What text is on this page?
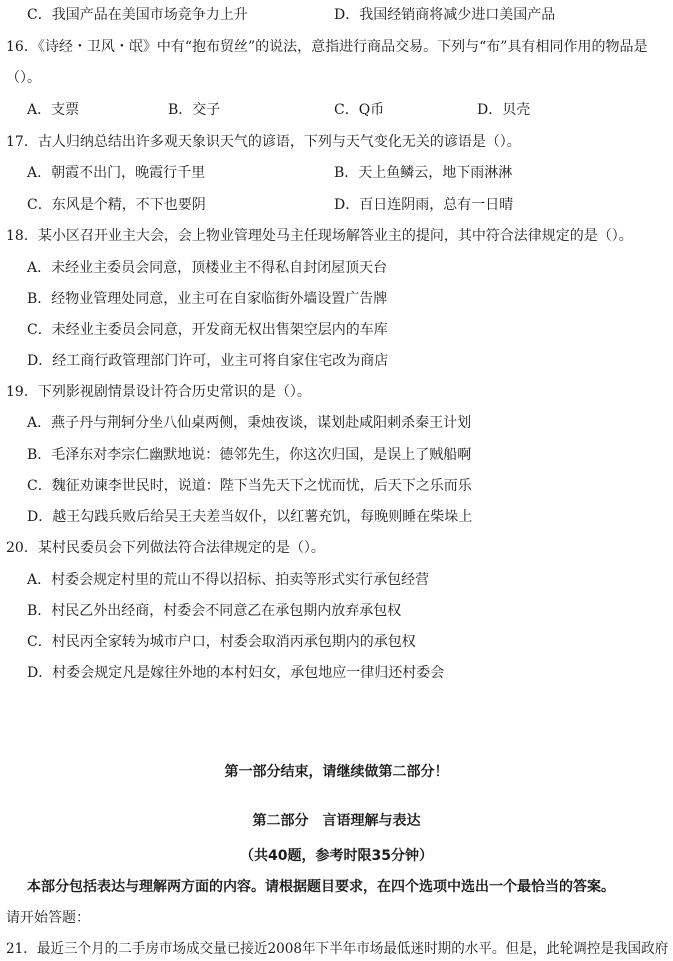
C．我国产品在美国市场竞争力上升	D．我国经销商将减少进口美国产品
16．《诗经・卫风・氓》中有“抱布贸丝”的说法，意指进行商品交易。下列与“布”具有相同作用的物品是
（）。
A．支票	B．交子	C．Q币	D．贝壳
17．古人归纳总结出许多观天象识天气的谚语，下列与天气变化无关的谚语是（）。
A．朝霞不出门，晚霞行千里	B．天上鱼鳞云，地下雨淋淋
C．东风是个精，不下也要阴	D．百日连阴雨，总有一日晴
18．某小区召开业主大会，会上物业管理处马主任现场解答业主的提问，其中符合法律规定的是（）。
A．未经业主委员会同意，顶楼业主不得私自封闭屋顶天台
B．经物业管理处同意，业主可在自家临街外墙设置广告牌
C．未经业主委员会同意，开发商无权出售架空层内的车库
D．经工商行政管理部门许可，业主可将自家住宅改为商店
19．下列影视剧情景设计符合历史常识的是（）。
A．燕子丹与荆轲分坐八仙桌两侧，秉烛夜谈，谋划赴咸阳刺杀秦王计划
B．毛泽东对李宗仁幽默地说：德邻先生，你这次归国，是误上了贼船啊
C．魏征劝谏李世民时，说道：陛下当先天下之忧而忧，后天下之乐而乐
D．越王勾践兵败后给吴王夫差当奴仆，以红薯充饥，每晚则睡在柴垛上
20．某村民委员会下列做法符合法律规定的是（）。
A．村委会规定村里的荒山不得以招标、拍卖等形式实行承包经营
B．村民乙外出经商，村委会不同意乙在承包期内放弃承包权
C．村民丙全家转为城市户口，村委会取消丙承包期内的承包权
D．村委会规定凡是嫁往外地的本村妇女，承包地应一律归还村委会
第一部分结束，请继续做第二部分！
第二部分　言语理解与表达
（共40题，参考时限35分钟）
本部分包括表达与理解两方面的内容。请根据题目要求，在四个选项中选出一个最恰当的答案。
请开始答题：
21．最近三个月的二手房市场成交量已接近2008年下半年市场最低迷时期的水平。但是，此轮调控是我国政府
